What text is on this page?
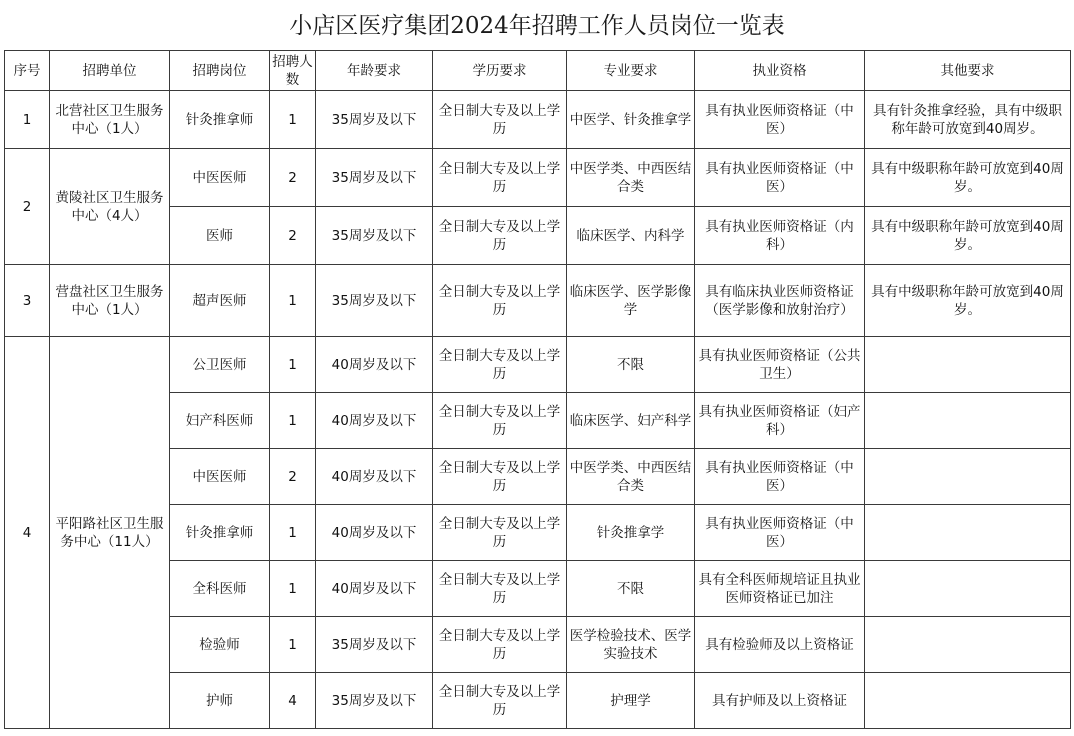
小店区医疗集团2024年招聘工作人员岗位一览表
序号	招聘单位	招聘岗位	招聘人数	年龄要求	学历要求	专业要求	执业资格	其他要求
1	北营社区卫生服务中心（1人）	针灸推拿师	1	35周岁及以下	全日制大专及以上学历	中医学、针灸推拿学	具有执业医师资格证（中医）	具有针灸推拿经验，具有中级职称年龄可放宽到40周岁。
2	黄陵社区卫生服务中心（4人）	中医医师	2	35周岁及以下	全日制大专及以上学历	中医学类、中西医结合类	具有执业医师资格证（中医）	具有中级职称年龄可放宽到40周岁。
		医师	2	35周岁及以下	全日制大专及以上学历	临床医学、内科学	具有执业医师资格证（内科）	具有中级职称年龄可放宽到40周岁。
3	营盘社区卫生服务中心（1人）	超声医师	1	35周岁及以下	全日制大专及以上学历	临床医学、医学影像学	具有临床执业医师资格证（医学影像和放射治疗）	具有中级职称年龄可放宽到40周岁。
4	平阳路社区卫生服务中心（11人）	公卫医师	1	40周岁及以下	全日制大专及以上学历	不限	具有执业医师资格证（公共卫生）	
		妇产科医师	1	40周岁及以下	全日制大专及以上学历	临床医学、妇产科学	具有执业医师资格证（妇产科）	
		中医医师	2	40周岁及以下	全日制大专及以上学历	中医学类、中西医结合类	具有执业医师资格证（中医）	
		针灸推拿师	1	40周岁及以下	全日制大专及以上学历	针灸推拿学	具有执业医师资格证（中医）	
		全科医师	1	40周岁及以下	全日制大专及以上学历	不限	具有全科医师规培证且执业医师资格证已加注	
		检验师	1	35周岁及以下	全日制大专及以上学历	医学检验技术、医学实验技术	具有检验师及以上资格证	
		护师	4	35周岁及以下	全日制大专及以上学历	护理学	具有护师及以上资格证	
